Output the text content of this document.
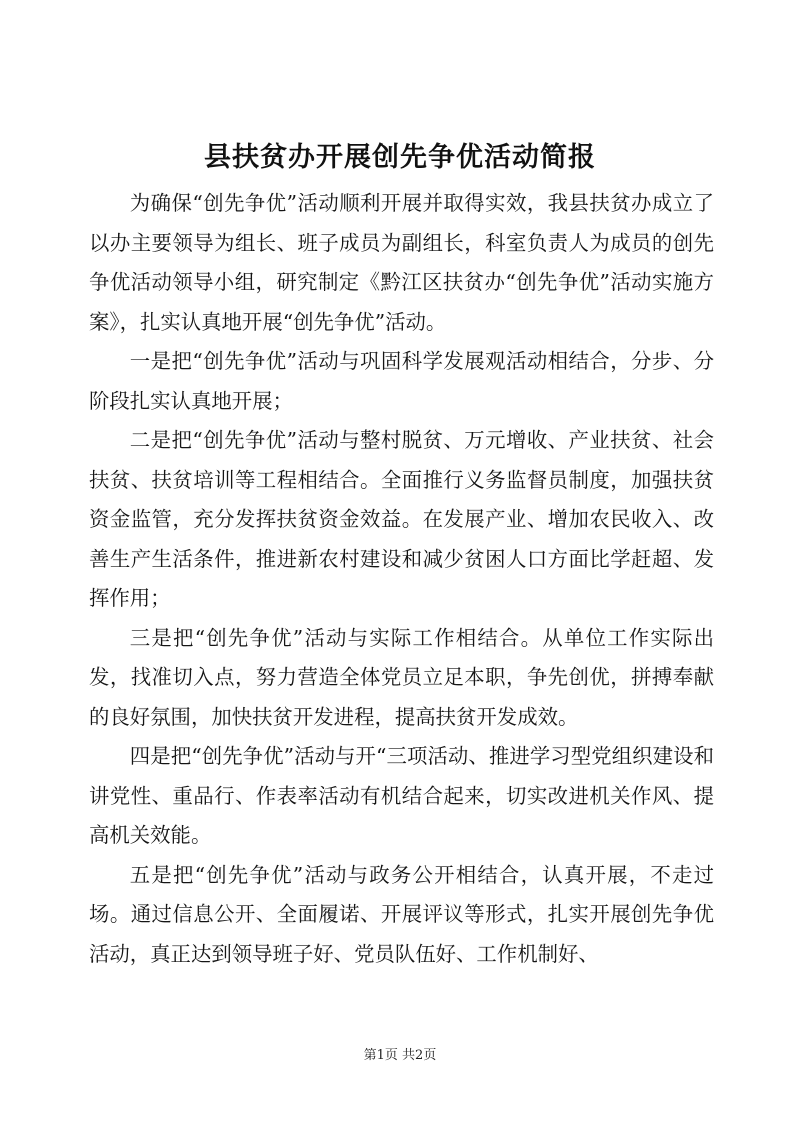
县扶贫办开展创先争优活动简报

为确保“创先争优”活动顺利开展并取得实效，我县扶贫办成立了以办主要领导为组长、班子成员为副组长，科室负责人为成员的创先争优活动领导小组，研究制定《黔江区扶贫办“创先争优”活动实施方案》，扎实认真地开展“创先争优”活动。

一是把“创先争优”活动与巩固科学发展观活动相结合，分步、分阶段扎实认真地开展；

二是把“创先争优”活动与整村脱贫、万元增收、产业扶贫、社会扶贫、扶贫培训等工程相结合。全面推行义务监督员制度，加强扶贫资金监管，充分发挥扶贫资金效益。在发展产业、增加农民收入、改善生产生活条件，推进新农村建设和减少贫困人口方面比学赶超、发挥作用；

三是把“创先争优”活动与实际工作相结合。从单位工作实际出发，找准切入点，努力营造全体党员立足本职，争先创优，拼搏奉献的良好氛围，加快扶贫开发进程，提高扶贫开发成效。

四是把“创先争优”活动与开“三项活动、推进学习型党组织建设和讲党性、重品行、作表率活动有机结合起来，切实改进机关作风、提高机关效能。

五是把“创先争优”活动与政务公开相结合，认真开展，不走过场。通过信息公开、全面履诺、开展评议等形式，扎实开展创先争优活动，真正达到领导班子好、党员队伍好、工作机制好、

第1页 共2页
